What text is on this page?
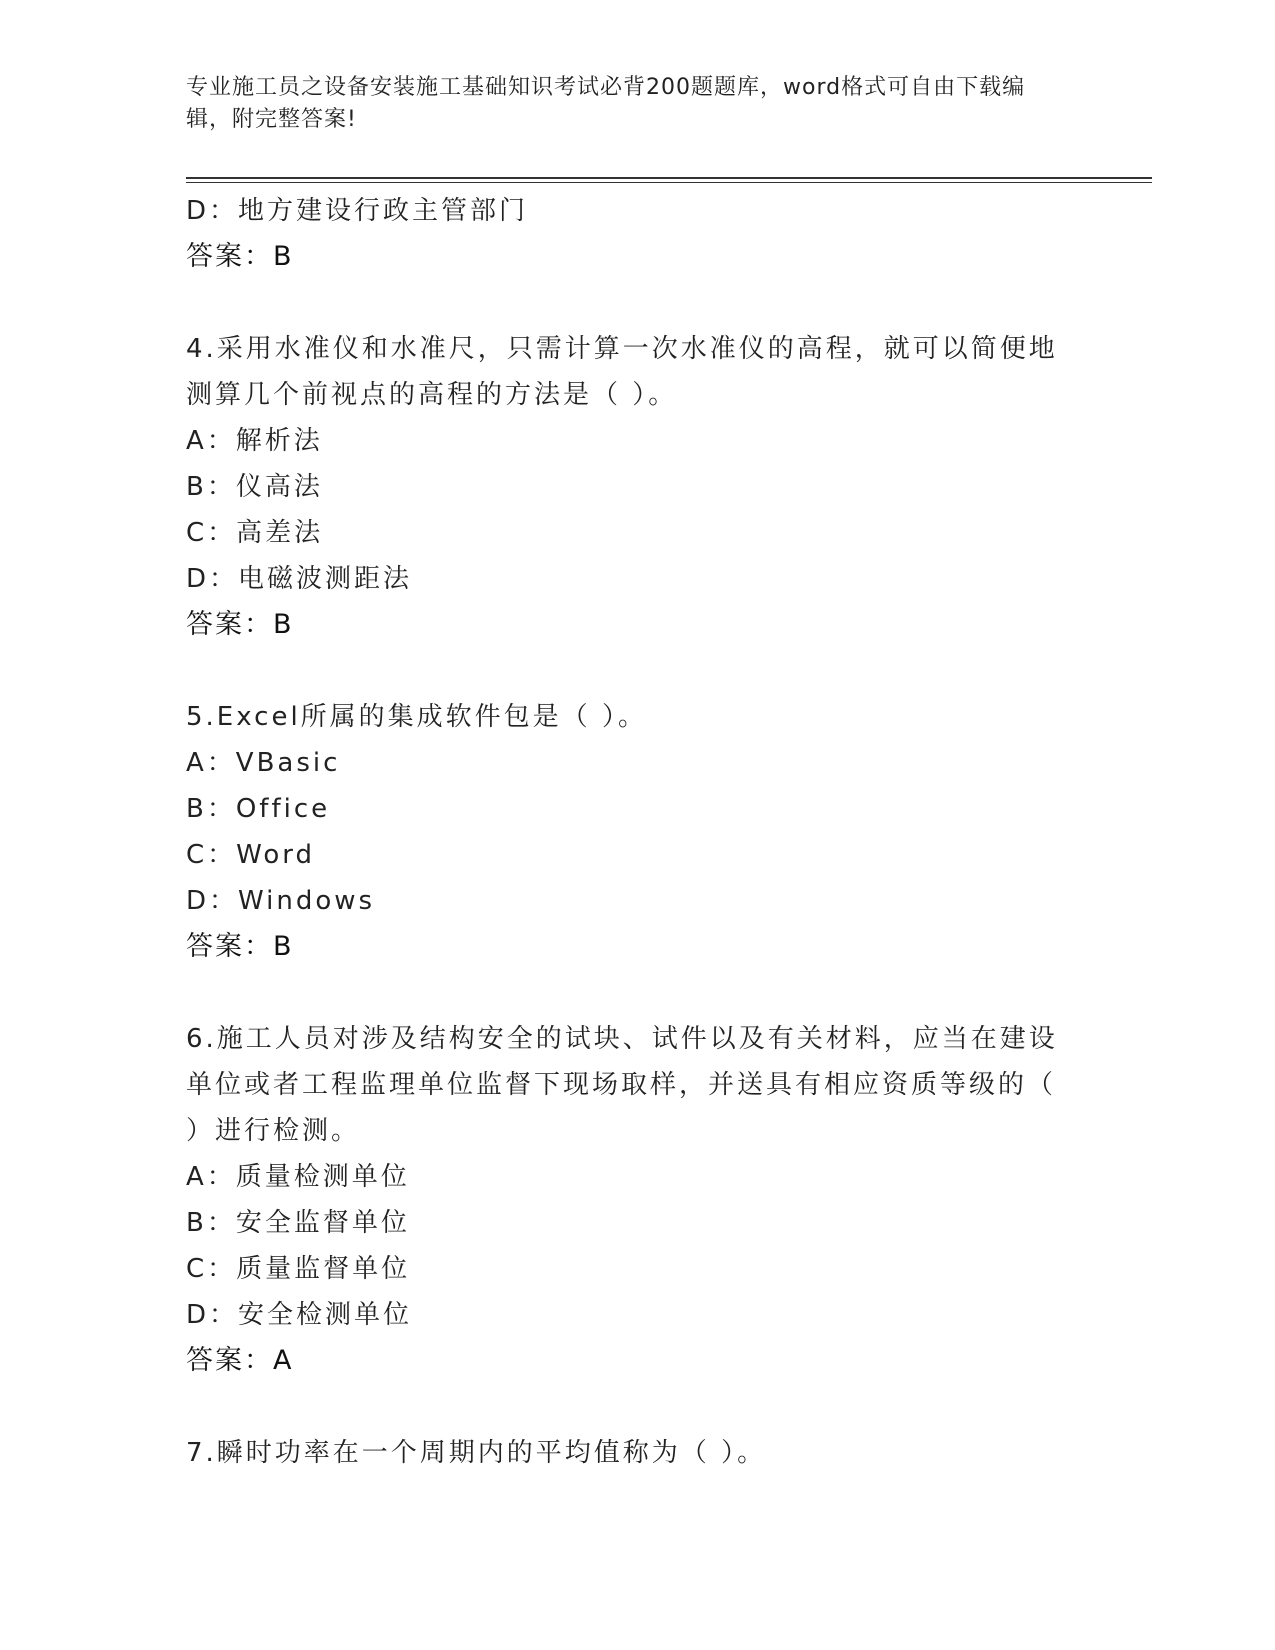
专业施工员之设备安装施工基础知识考试必背200题题库，word格式可自由下载编辑，附完整答案!
D：地方建设行政主管部门
答案：B
4.采用水准仪和水准尺，只需计算一次水准仪的高程，就可以简便地
测算几个前视点的高程的方法是（ ）。
A：解析法
B：仪高法
C：高差法
D：电磁波测距法
答案：B
5.Excel所属的集成软件包是（ ）。
A：VBasic
B：Office
C：Word
D：Windows
答案：B
6.施工人员对涉及结构安全的试块、试件以及有关材料，应当在建设
单位或者工程监理单位监督下现场取样，并送具有相应资质等级的（
）进行检测。
A：质量检测单位
B：安全监督单位
C：质量监督单位
D：安全检测单位
答案：A
7.瞬时功率在一个周期内的平均值称为（ ）。
